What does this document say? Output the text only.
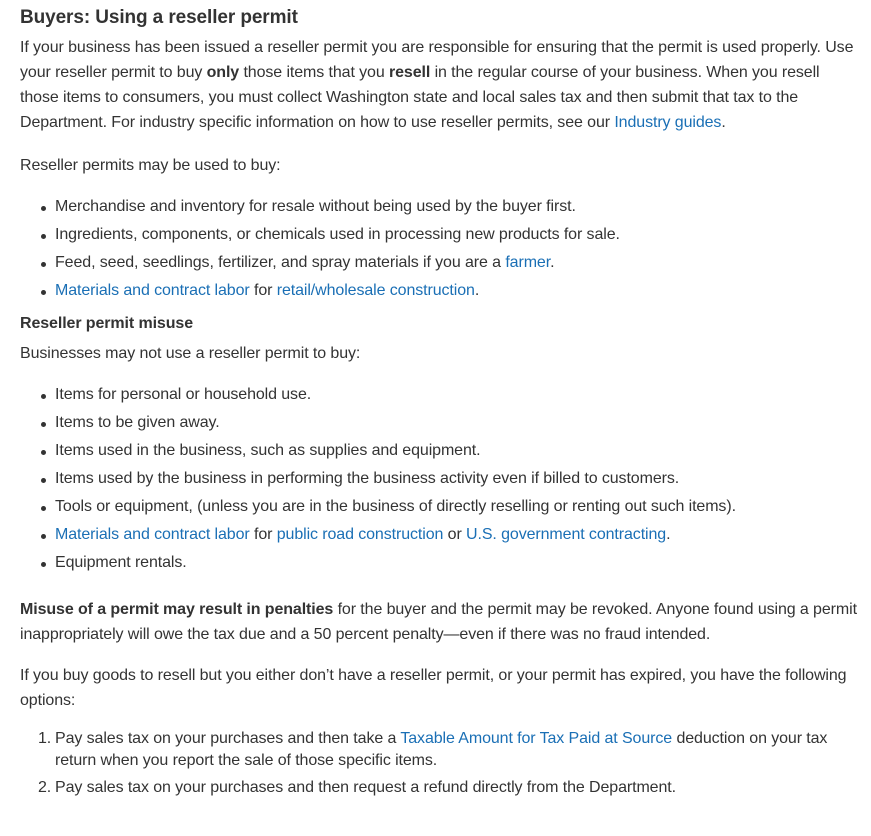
Buyers: Using a reseller permit

If your business has been issued a reseller permit you are responsible for ensuring that the permit is used properly. Use your reseller permit to buy only those items that you resell in the regular course of your business. When you resell those items to consumers, you must collect Washington state and local sales tax and then submit that tax to the Department. For industry specific information on how to use reseller permits, see our Industry guides.

Reseller permits may be used to buy:

Merchandise and inventory for resale without being used by the buyer first.
Ingredients, components, or chemicals used in processing new products for sale.
Feed, seed, seedlings, fertilizer, and spray materials if you are a farmer.
Materials and contract labor for retail/wholesale construction.
Reseller permit misuse

Businesses may not use a reseller permit to buy:

Items for personal or household use.
Items to be given away.
Items used in the business, such as supplies and equipment.
Items used by the business in performing the business activity even if billed to customers.
Tools or equipment, (unless you are in the business of directly reselling or renting out such items).
Materials and contract labor for public road construction or U.S. government contracting.
Equipment rentals.

Misuse of a permit may result in penalties for the buyer and the permit may be revoked. Anyone found using a permit inappropriately will owe the tax due and a 50 percent penalty—even if there was no fraud intended.

If you buy goods to resell but you either don’t have a reseller permit, or your permit has expired, you have the following options:

1. Pay sales tax on your purchases and then take a Taxable Amount for Tax Paid at Source deduction on your tax return when you report the sale of those specific items.
2. Pay sales tax on your purchases and then request a refund directly from the Department.
